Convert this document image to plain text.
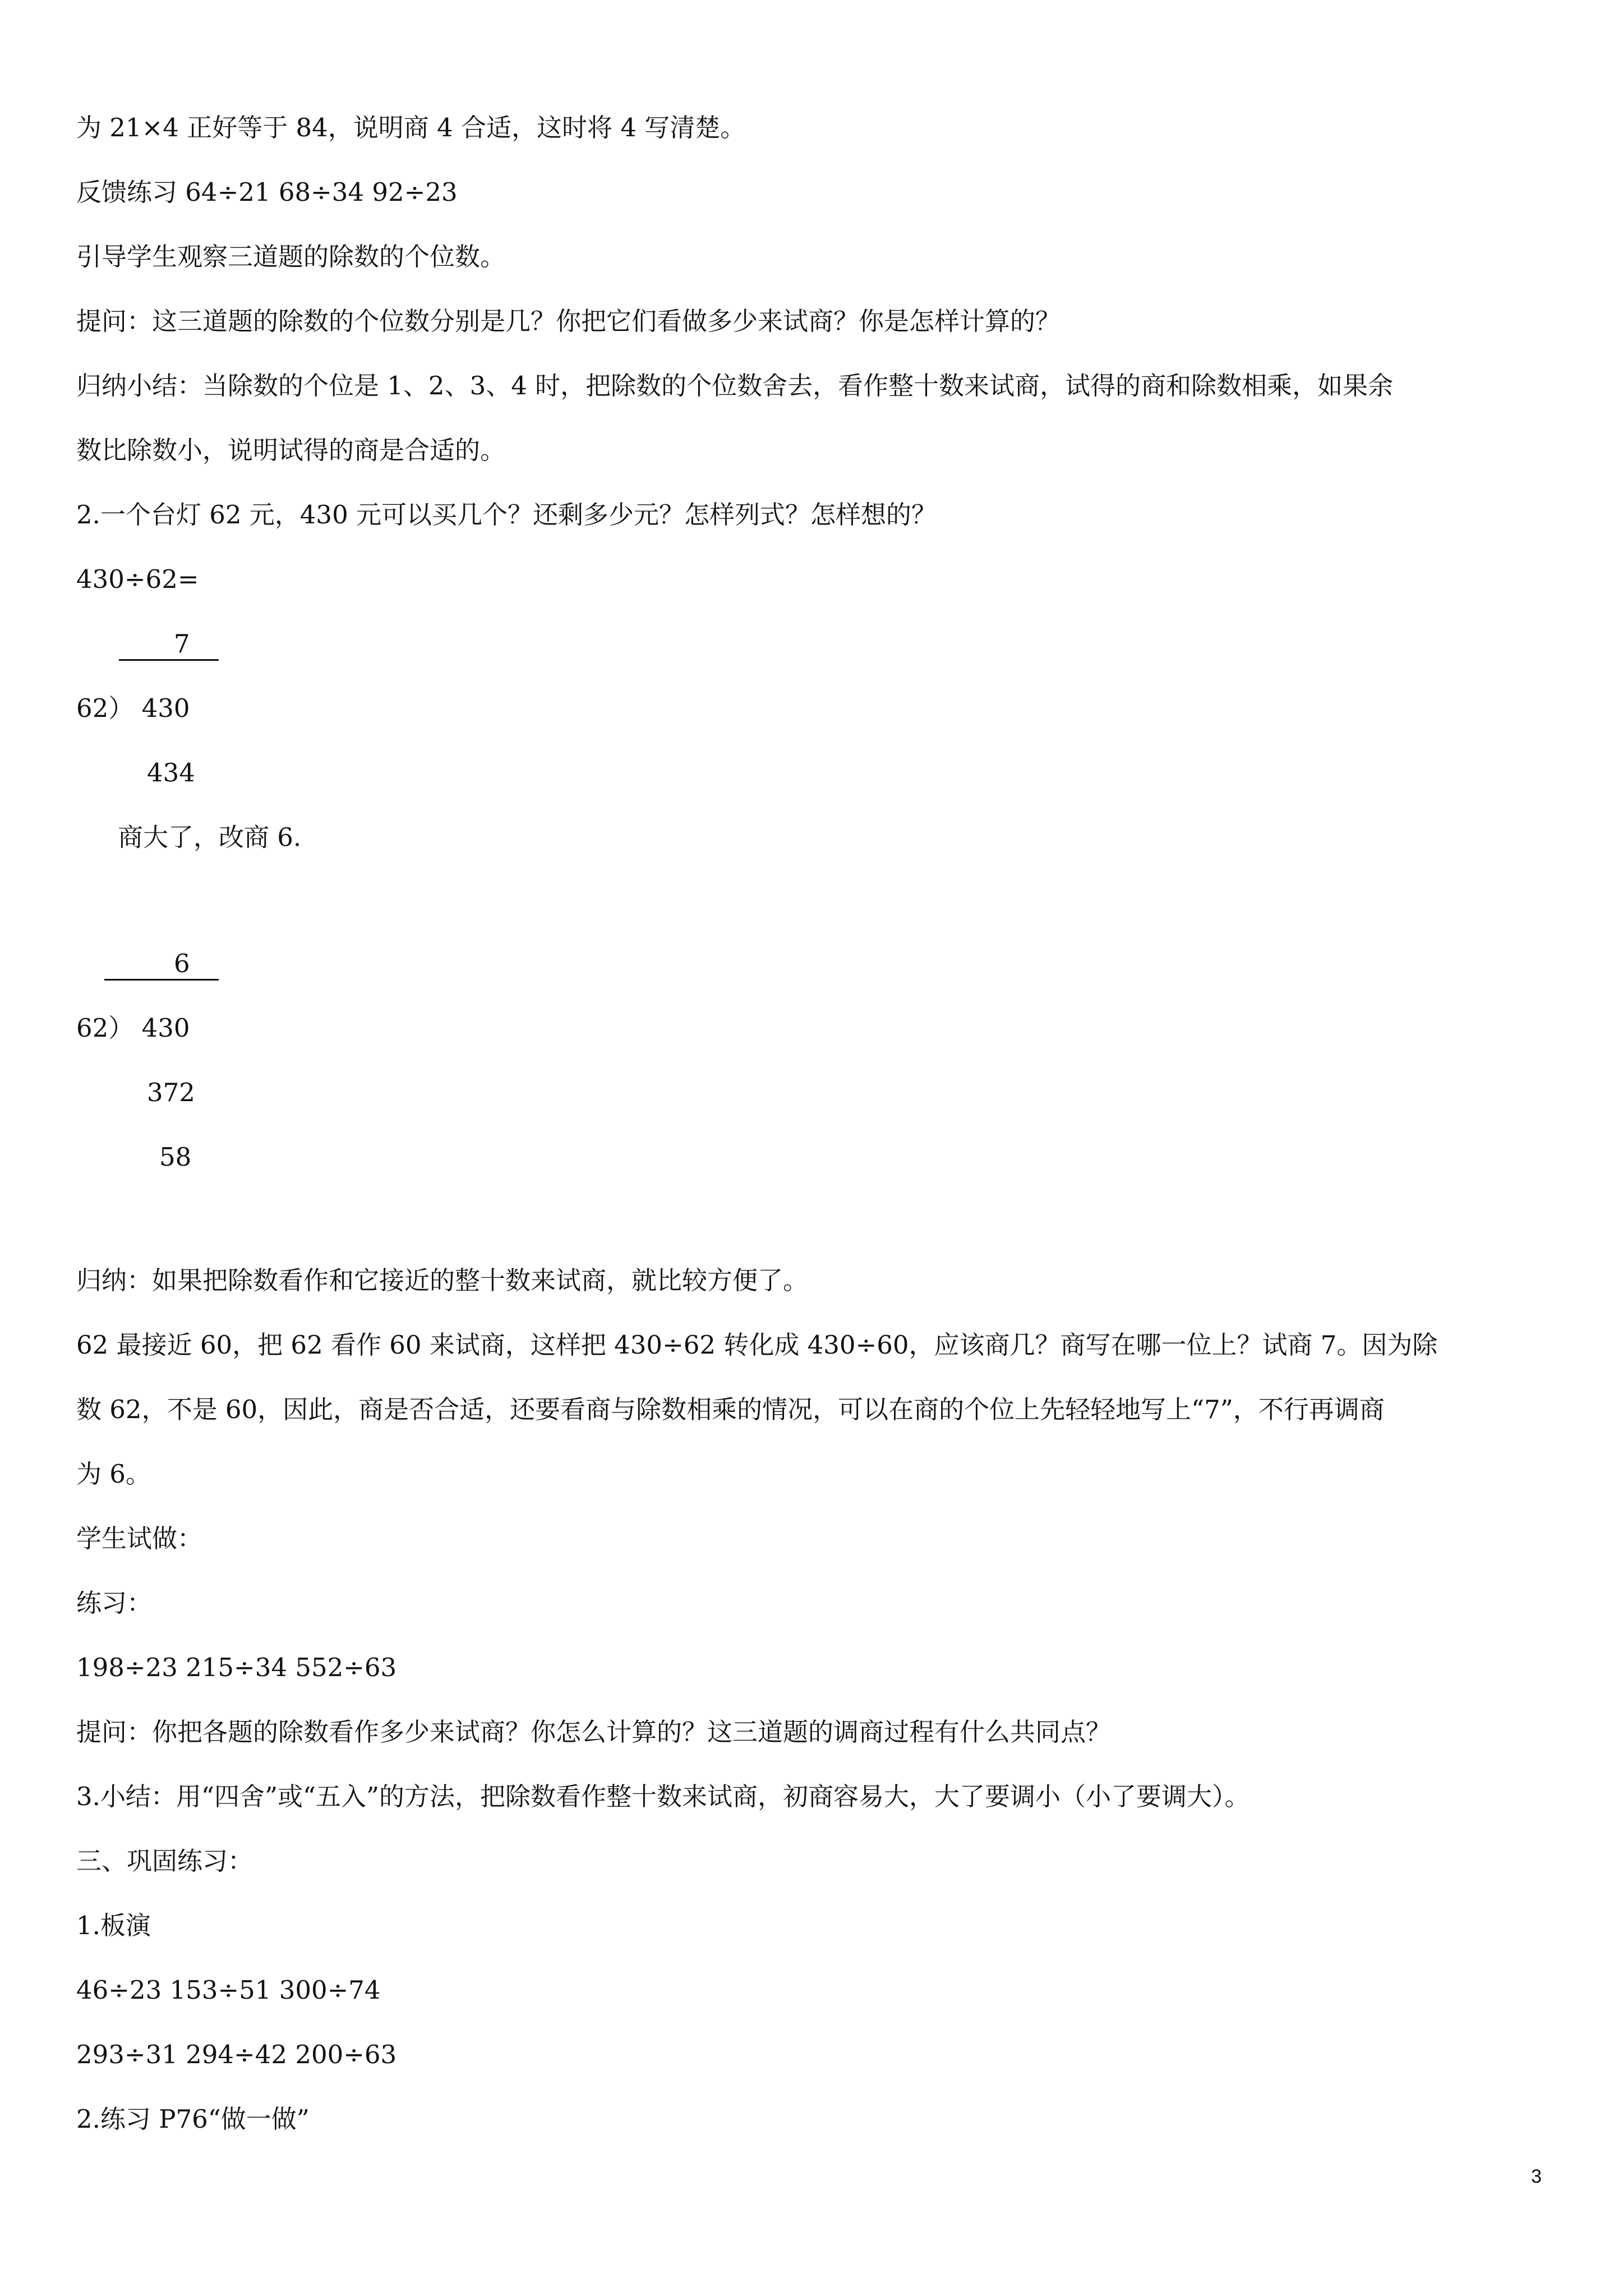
为 21×4 正好等于 84，说明商 4 合适，这时将 4 写清楚。

反馈练习 64÷21 68÷34 92÷23

引导学生观察三道题的除数的个位数。

提问：这三道题的除数的个位数分别是几？你把它们看做多少来试商？你是怎样计算的？

归纳小结：当除数的个位是 1、2、3、4 时，把除数的个位数舍去，看作整十数来试商，试得的商和除数相乘，如果余

数比除数小，说明试得的商是合适的。

2.一个台灯 62 元，430 元可以买几个？还剩多少元？怎样列式？怎样想的？

430÷62=

7

62） 430

434

商大了，改商 6.

6

62） 430

372

58

归纳：如果把除数看作和它接近的整十数来试商，就比较方便了。

62 最接近 60，把 62 看作 60 来试商，这样把 430÷62 转化成 430÷60，应该商几？商写在哪一位上？试商 7。因为除

数 62，不是 60，因此，商是否合适，还要看商与除数相乘的情况，可以在商的个位上先轻轻地写上“7”，不行再调商

为 6。

学生试做：

练习：

198÷23 215÷34 552÷63

提问：你把各题的除数看作多少来试商？你怎么计算的？这三道题的调商过程有什么共同点？

3.小结：用“四舍”或“五入”的方法，把除数看作整十数来试商，初商容易大，大了要调小（小了要调大）。

三、巩固练习：

1.板演

46÷23 153÷51 300÷74

293÷31 294÷42 200÷63

2.练习 P76“做一做”

3
